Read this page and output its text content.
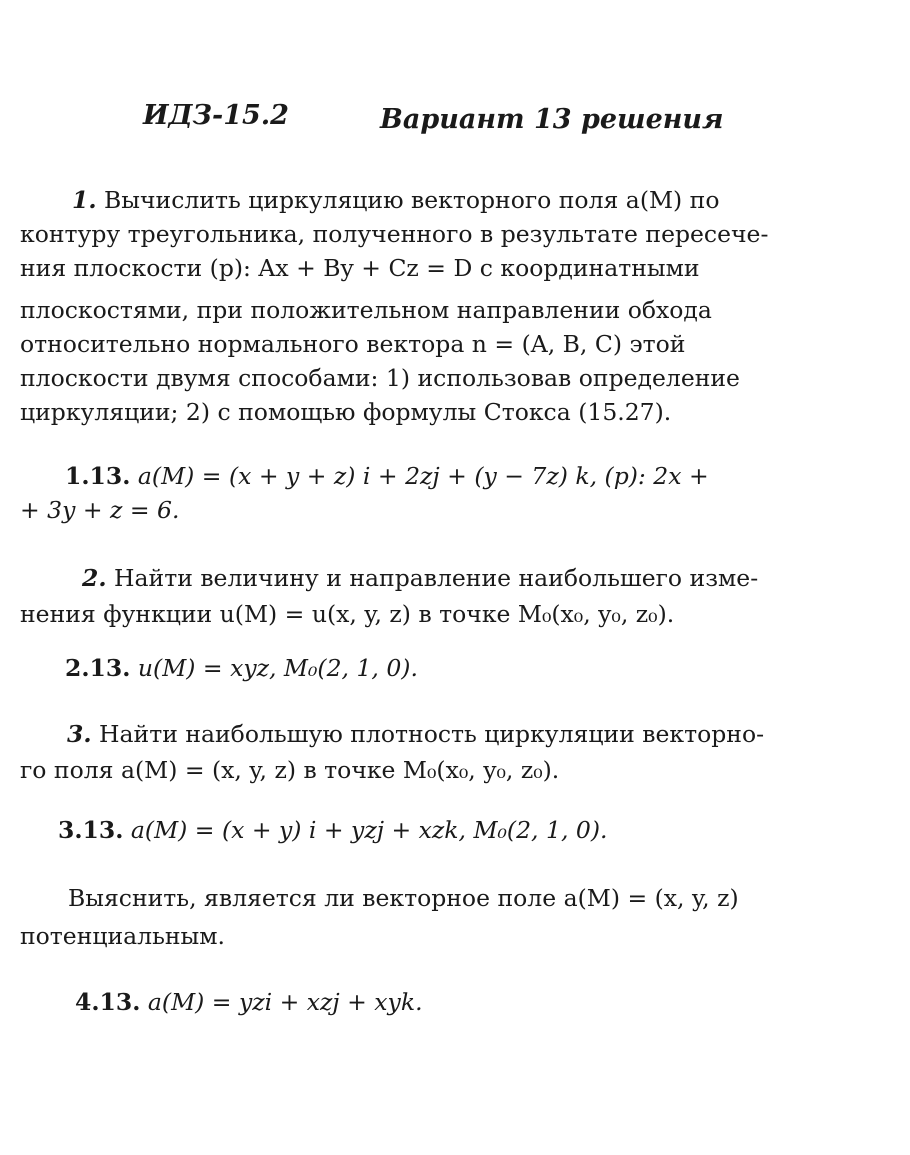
ИДЗ-15.2	Вариант 13 решения
1. Вычислить циркуляцию векторного поля a(M) по
контуру треугольника, полученного в результате пересече-
ния плоскости (p): Ax + By + Cz = D с координатными
плоскостями, при положительном направлении обхода
относительно нормального вектора n = (A, B, C) этой
плоскости двумя способами: 1) использовав определение
циркуляции; 2) с помощью формулы Стокса (15.27).
1.13. a(M) = (x + y + z) i + 2zj + (y − 7z) k, (p): 2x +
+ 3y + z = 6.
2. Найти величину и направление наибольшего изме-
нения функции u(M) = u(x, y, z) в точке M₀(x₀, y₀, z₀).
2.13. u(M) = xyz, M₀(2, 1, 0).
3. Найти наибольшую плотность циркуляции векторно-
го поля a(M) = (x, y, z) в точке M₀(x₀, y₀, z₀).
3.13. a(M) = (x + y) i + yzj + xzk, M₀(2, 1, 0).
Выяснить, является ли векторное поле a(M) = (x, y, z)
потенциальным.
4.13. a(M) = yzi + xzj + xyk.
